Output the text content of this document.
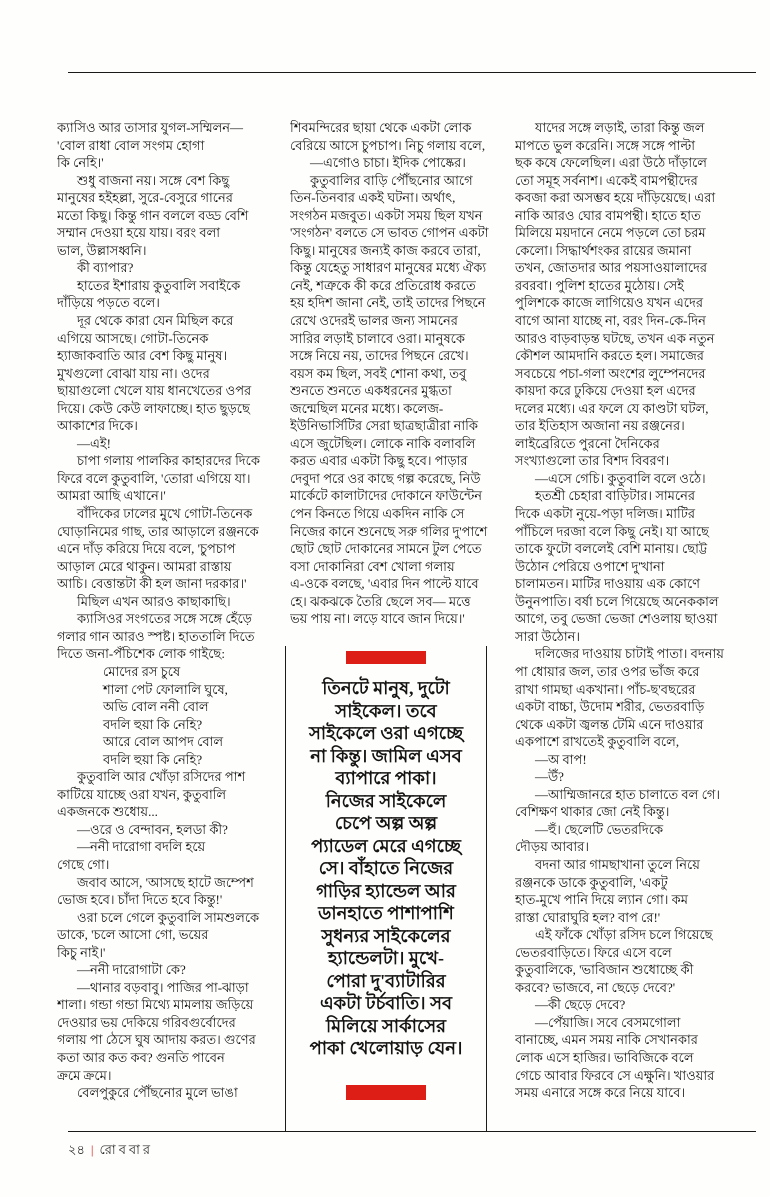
ক্যাসিও আর তাসার যুগল-সম্মিলন—
'বোল রাধা বোল সংগম হোগা
কি নেহি।'
শুধু বাজনা নয়। সঙ্গে বেশ কিছু
মানুষের হইহল্লা, সুরে-বেসুরে গানের
মতো কিছু। কিন্তু গান বললে বড্ড বেশি
সম্মান দেওয়া হয়ে যায়। বরং বলা
ভাল, উল্লাসধ্বনি।
কী ব্যাপার?
হাতের ইশারায় কুতুবালি সবাইকে
দাঁড়িয়ে পড়তে বলে।
দূর থেকে কারা যেন মিছিল করে
এগিয়ে আসছে। গোটা-তিনেক
হ্যাজাকবাতি আর বেশ কিছু মানুষ।
মুখগুলো বোঝা যায় না। ওদের
ছায়াগুলো খেলে যায় ধানখেতের ওপর
দিয়ে। কেউ কেউ লাফাচ্ছে। হাত ছুড়ছে
আকাশের দিকে।
—এই!
চাপা গলায় পালকির কাহারদের দিকে
ফিরে বলে কুতুবালি, 'তোরা এগিয়ে যা।
আমরা আছি এখানে।'
বাঁদিকের ঢালের মুখে গোটা-তিনেক
ঘোড়ানিমের গাছ, তার আড়ালে রঞ্জনকে
এনে দাঁড় করিয়ে দিয়ে বলে, 'চুপচাপ
আড়াল মেরে থাকুন। আমরা রাস্তায়
আচি। বেত্তান্তটা কী হল জানা দরকার।'
মিছিল এখন আরও কাছাকাছি।
ক্যাসিওর সংগতের সঙ্গে সঙ্গে হেঁড়ে
গলার গান আরও স্পষ্ট। হাততালি দিতে
দিতে জনা-পঁচিশেক লোক গাইছে:
মোদের রস চুষে
শালা পেট ফোলালি ঘুষে,
অভি বোল ননী বোল
বদলি হুয়া কি নেহি?
আরে বোল আপদ বোল
বদলি হুয়া কি নেহি?
কুতুবালি আর খোঁড়া রসিদের পাশ
কাটিয়ে যাচ্ছে ওরা যখন, কুতুবালি
একজনকে শুধোয়...
—ওরে ও বেন্দাবন, হলডা কী?
—ননী দারোগা বদলি হয়ে
গেছে গো।
জবাব আসে, 'আসছে হাটে জম্পেশ
ভোজ হবে। চাঁদা দিতে হবে কিন্তু!'
ওরা চলে গেলে কুতুবালি সামশুলকে
ডাকে, 'চলে আসো গো, ভয়ের
কিচু নাই।'
—ননী দারোগাটা কে?
—থানার বড়বাবু। পাজির পা-ঝাড়া
শালা। গন্ডা গন্ডা মিথ্যে মামলায় জড়িয়ে
দেওয়ার ভয় দেকিয়ে গরিবগুর্বোদের
গলায় পা ঠেসে ঘুষ আদায় করত। গুণের
কতা আর কত কব? গুনতি পাবেন
ক্রমে ক্রমে।
বেলপুকুরে পৌঁছনোর মুলে ভাঙা
শিবমন্দিরের ছায়া থেকে একটা লোক
বেরিয়ে আসে চুপচাপ। নিচু গলায় বলে,
—এগোও চাচা। ইদিক পোষ্কের।
কুতুবালির বাড়ি পৌঁছনোর আগে
তিন-তিনবার একই ঘটনা। অর্থাৎ,
সংগঠন মজবুত। একটা সময় ছিল যখন
'সংগঠন' বলতে সে ভাবত গোপন একটা
কিছু। মানুষের জন্যই কাজ করবে তারা,
কিন্তু যেহেতু সাধারণ মানুষের মধ্যে ঐক্য
নেই, শত্রুকে কী করে প্রতিরোধ করতে
হয় হদিশ জানা নেই, তাই তাদের পিছনে
রেখে ওদেরই ভালর জন্য সামনের
সারির লড়াই চালাবে ওরা। মানুষকে
সঙ্গে নিয়ে নয়, তাদের পিছনে রেখে।
বয়স কম ছিল, সবই শোনা কথা, তবু
শুনতে শুনতে একধরনের মুগ্ধতা
জন্মেছিল মনের মধ্যে। কলেজ-
ইউনিভার্সিটির সেরা ছাত্রছাত্রীরা নাকি
এসে জুটেছিল। লোকে নাকি বলাবলি
করত এবার একটা কিছু হবে। পাড়ার
দেবুদা পরে ওর কাছে গল্প করেছে, নিউ
মার্কেটে কালাটাদের দোকানে ফাউন্টেন
পেন কিনতে গিয়ে একদিন নাকি সে
নিজের কানে শুনেছে সরু গলির দু'পাশে
ছোট ছোট দোকানের সামনে টুল পেতে
বসা দোকানিরা বেশ খোলা গলায়
এ-ওকে বলছে, 'এবার দিন পাল্টে যাবে
হে। ঝকঝকে তৈরি ছেলে সব— মত্তে
ভয় পায় না। লড়ে যাবে জান দিয়ে।'
তিনটে মানুষ, দুটো
সাইকেল। তবে
সাইকেলে ওরা এগচ্ছে
না কিন্তু। জামিল এসব
ব্যাপারে পাকা।
নিজের সাইকেলে
চেপে অল্প অল্প
প্যাডেল মেরে এগচ্ছে
সে। বাঁহাতে নিজের
গাড়ির হ্যান্ডেল আর
ডানহাতে পাশাপাশি
সুধন্যর সাইকেলের
হ্যান্ডেলটা। মুখে-
পোরা দু'ব্যাটারির
একটা টর্চবাতি। সব
মিলিয়ে সার্কাসের
পাকা খেলোয়াড় যেন।
যাদের সঙ্গে লড়াই, তারা কিন্তু জল
মাপতে ভুল করেনি। সঙ্গে সঙ্গে পাল্টা
ছক কষে ফেলেছিল। এরা উঠে দাঁড়ালে
তো সমূহ সর্বনাশ। একেই বামপন্থীদের
কবজা করা অসম্ভব হয়ে দাঁড়িয়েছে। এরা
নাকি আরও ঘোর বামপন্থী। হাতে হাত
মিলিয়ে ময়দানে নেমে পড়লে তো চরম
কেলো। সিদ্ধার্থশংকর রায়ের জমানা
তখন, জোতদার আর পয়সাওয়ালাদের
রবরবা। পুলিশ হাতের মুঠোয়। সেই
পুলিশকে কাজে লাগিয়েও যখন এদের
বাগে আনা যাচ্ছে না, বরং দিন-কে-দিন
আরও বাড়বাড়ন্ত ঘটছে, তখন এক নতুন
কৌশল আমদানি করতে হল। সমাজের
সবচেয়ে পচা-গলা অংশের লুম্পেনদের
কায়দা করে ঢুকিয়ে দেওয়া হল এদের
দলের মধ্যে। এর ফলে যে কাণ্ডটা ঘটল,
তার ইতিহাস অজানা নয় রঞ্জনের।
লাইব্রেরিতে পুরনো দৈনিকের
সংখ্যাগুলো তার বিশদ বিবরণ।
—এসে গেচি। কুতুবালি বলে ওঠে।
হতশ্রী চেহারা বাড়িটার। সামনের
দিকে একটা নুয়ে-পড়া দলিজ। মাটির
পাঁচিলে দরজা বলে কিছু নেই। যা আছে
তাকে ফুটো বললেই বেশি মানায়। ছোট্ট
উঠোন পেরিয়ে ওপাশে দু'খানা
চালামতন। মাটির দাওয়ায় এক কোণে
উনুনপাতি। বর্ষা চলে গিয়েছে অনেককাল
আগে, তবু ভেজা ভেজা শেওলায় ছাওয়া
সারা উঠোন।
দলিজের দাওয়ায় চাটাই পাতা। বদনায়
পা ধোয়ার জল, তার ওপর ভাঁজ করে
রাখা গামছা একখানা। পাঁচ-ছ'বছরের
একটা বাচ্চা, উদোম শরীর, ভেতরবাড়ি
থেকে একটা জ্বলন্ত টেমি এনে দাওয়ার
একপাশে রাখতেই কুতুবালি বলে,
—অ বাপ!
—উঁ?
—আম্মিজানরে হাত চালাতে বল গে।
বেশিক্ষণ থাকার জো নেই কিন্তু।
—হুঁ। ছেলেটি ভেতরদিকে
দৌড়য় আবার।
বদনা আর গামছাখানা তুলে নিয়ে
রঞ্জনকে ডাকে কুতুবালি, 'একটু
হাত-মুখে পানি দিয়ে ল্যান গো। কম
রাস্তা ঘোরাঘুরি হল? বাপ রে!'
এই ফাঁকে খোঁড়া রসিদ চলে গিয়েছে
ভেতরবাড়িতে। ফিরে এসে বলে
কুতুবালিকে, 'ভাবিজান শুধোচ্ছে কী
করবে? ভাজবে, না ছেড়ে দেবে?'
—কী ছেড়ে দেবে?
—পেঁয়াজি। সবে বেসমগোলা
বানাচ্ছে, এমন সময় নাকি সেখানকার
লোক এসে হাজির। ভাবিজিকে বলে
গেচে আবার ফিরবে সে এক্ষুনি। খাওয়ার
সময় এনারে সঙ্গে করে নিয়ে যাবে।
২৪ | রোববার
